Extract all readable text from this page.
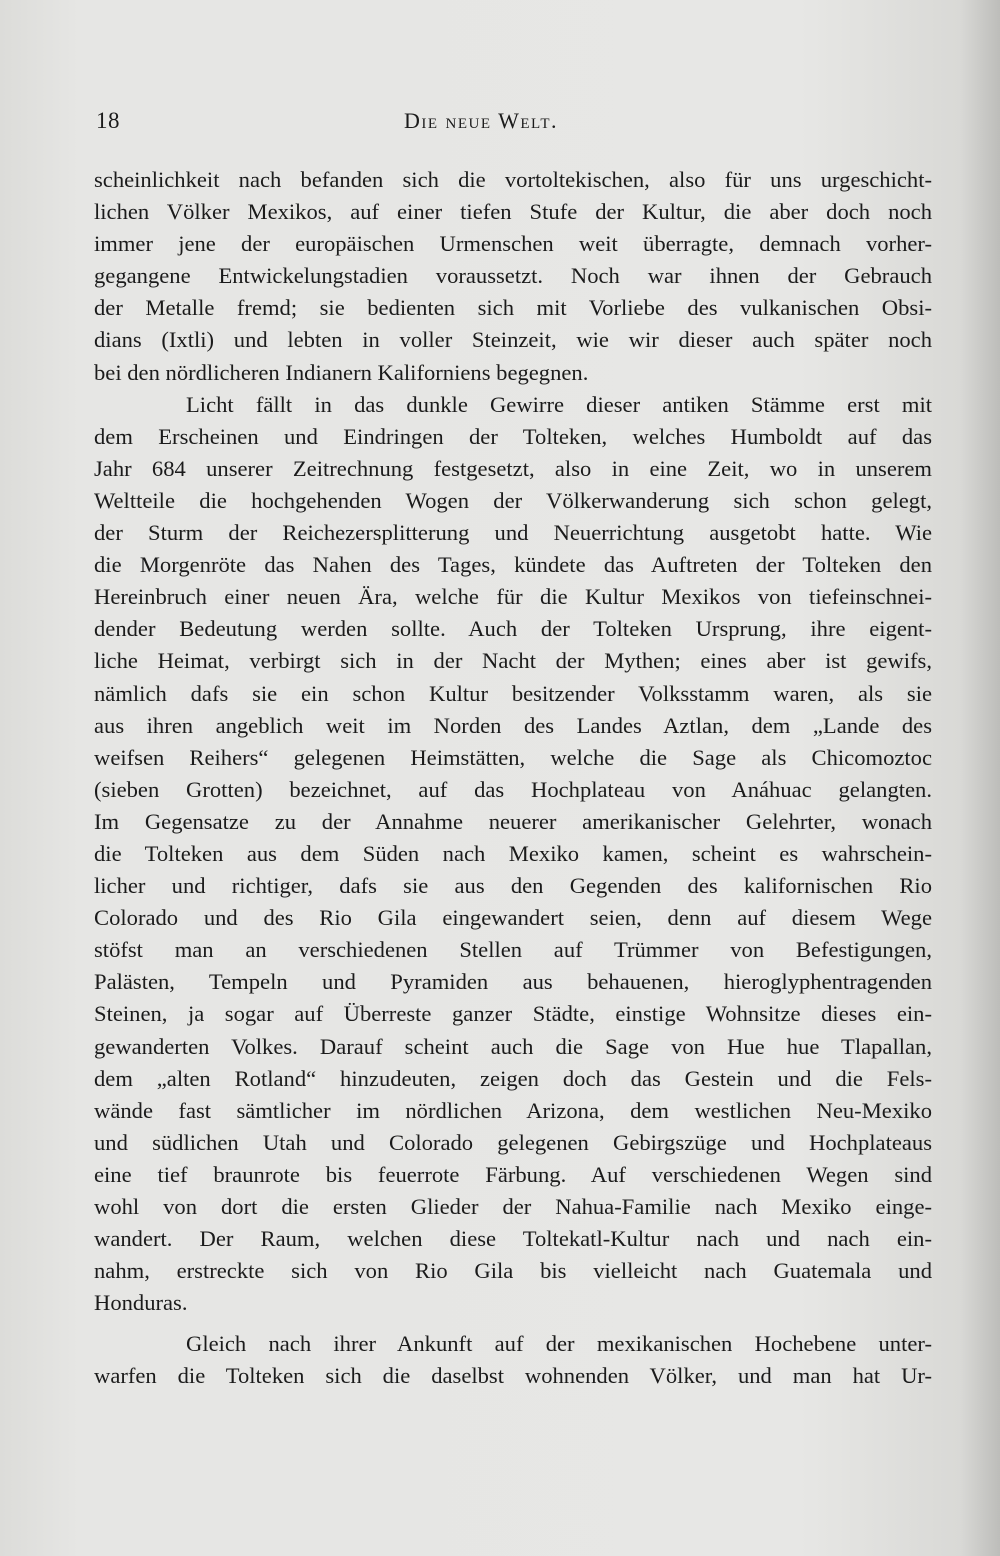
18	Die neue Welt.
scheinlichkeit nach befanden sich die vortoltekischen, also für uns urgeschicht-
lichen Völker Mexikos, auf einer tiefen Stufe der Kultur, die aber doch noch
immer jene der europäischen Urmenschen weit überragte, demnach vorher-
gegangene Entwickelungstadien voraussetzt. Noch war ihnen der Gebrauch
der Metalle fremd; sie bedienten sich mit Vorliebe des vulkanischen Obsi-
dians (Ixtli) und lebten in voller Steinzeit, wie wir dieser auch später noch
bei den nördlicheren Indianern Kaliforniens begegnen.
Licht fällt in das dunkle Gewirre dieser antiken Stämme erst mit
dem Erscheinen und Eindringen der Tolteken, welches Humboldt auf das
Jahr 684 unserer Zeitrechnung festgesetzt, also in eine Zeit, wo in unserem
Weltteile die hochgehenden Wogen der Völkerwanderung sich schon gelegt,
der Sturm der Reichezersplitterung und Neuerrichtung ausgetobt hatte. Wie
die Morgenröte das Nahen des Tages, kündete das Auftreten der Tolteken den
Hereinbruch einer neuen Ära, welche für die Kultur Mexikos von tiefeinschnei-
dender Bedeutung werden sollte. Auch der Tolteken Ursprung, ihre eigent-
liche Heimat, verbirgt sich in der Nacht der Mythen; eines aber ist gewifs,
nämlich dafs sie ein schon Kultur besitzender Volksstamm waren, als sie
aus ihren angeblich weit im Norden des Landes Aztlan, dem „Lande des
weifsen Reihers“ gelegenen Heimstätten, welche die Sage als Chicomoztoc
(sieben Grotten) bezeichnet, auf das Hochplateau von Anáhuac gelangten.
Im Gegensatze zu der Annahme neuerer amerikanischer Gelehrter, wonach
die Tolteken aus dem Süden nach Mexiko kamen, scheint es wahrschein-
licher und richtiger, dafs sie aus den Gegenden des kalifornischen Rio
Colorado und des Rio Gila eingewandert seien, denn auf diesem Wege
stöfst man an verschiedenen Stellen auf Trümmer von Befestigungen,
Palästen, Tempeln und Pyramiden aus behauenen, hieroglyphentragenden
Steinen, ja sogar auf Überreste ganzer Städte, einstige Wohnsitze dieses ein-
gewanderten Volkes. Darauf scheint auch die Sage von Hue hue Tlapallan,
dem „alten Rotland“ hinzudeuten, zeigen doch das Gestein und die Fels-
wände fast sämtlicher im nördlichen Arizona, dem westlichen Neu-Mexiko
und südlichen Utah und Colorado gelegenen Gebirgszüge und Hochplateaus
eine tief braunrote bis feuerrote Färbung. Auf verschiedenen Wegen sind
wohl von dort die ersten Glieder der Nahua-Familie nach Mexiko einge-
wandert. Der Raum, welchen diese Toltekatl-Kultur nach und nach ein-
nahm, erstreckte sich von Rio Gila bis vielleicht nach Guatemala und
Honduras.
Gleich nach ihrer Ankunft auf der mexikanischen Hochebene unter-
warfen die Tolteken sich die daselbst wohnenden Völker, und man hat Ur-
